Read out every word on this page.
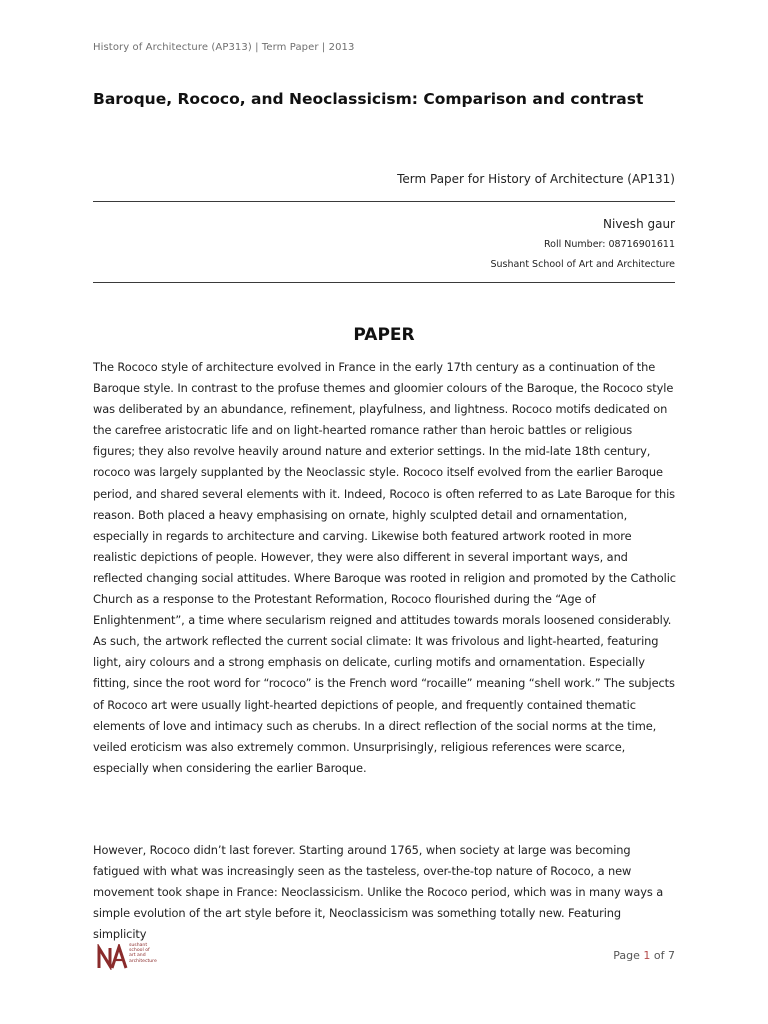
History of Architecture (AP313) | Term Paper | 2013
Baroque, Rococo, and Neoclassicism: Comparison and contrast
Term Paper for History of Architecture (AP131)
Nivesh gaur
Roll Number: 08716901611
Sushant School of Art and Architecture
PAPER

The Rococo style of architecture evolved in France in the early 17th century as a continuation of the Baroque style. In contrast to the profuse themes and gloomier colours of the Baroque, the Rococo style was deliberated by an abundance, refinement, playfulness, and lightness. Rococo motifs dedicated on the carefree aristocratic life and on light-hearted romance rather than heroic battles or religious figures; they also revolve heavily around nature and exterior settings. In the mid-late 18th century, rococo was largely supplanted by the Neoclassic style. Rococo itself evolved from the earlier Baroque period, and shared several elements with it. Indeed, Rococo is often referred to as Late Baroque for this reason. Both placed a heavy emphasising on ornate, highly sculpted detail and ornamentation, especially in regards to architecture and carving. Likewise both featured artwork rooted in more realistic depictions of people. However, they were also different in several important ways, and reflected changing social attitudes. Where Baroque was rooted in religion and promoted by the Catholic Church as a response to the Protestant Reformation, Rococo flourished during the “Age of Enlightenment”, a time where secularism reigned and attitudes towards morals loosened considerably. As such, the artwork reflected the current social climate: It was frivolous and light-hearted, featuring light, airy colours and a strong emphasis on delicate, curling motifs and ornamentation. Especially fitting, since the root word for “rococo” is the French word “rocaille” meaning “shell work.” The subjects of Rococo art were usually light-hearted depictions of people, and frequently contained thematic elements of love and intimacy such as cherubs. In a direct reflection of the social norms at the time, veiled eroticism was also extremely common. Unsurprisingly, religious references were scarce, especially when considering the earlier Baroque.

However, Rococo didn’t last forever. Starting around 1765, when society at large was becoming fatigued with what was increasingly seen as the tasteless, over-the-top nature of Rococo, a new movement took shape in France: Neoclassicism. Unlike the Rococo period, which was in many ways a simple evolution of the art style before it, Neoclassicism was something totally new. Featuring simplicity

sushant
school of
art and
architecture	Page 1 of 7
